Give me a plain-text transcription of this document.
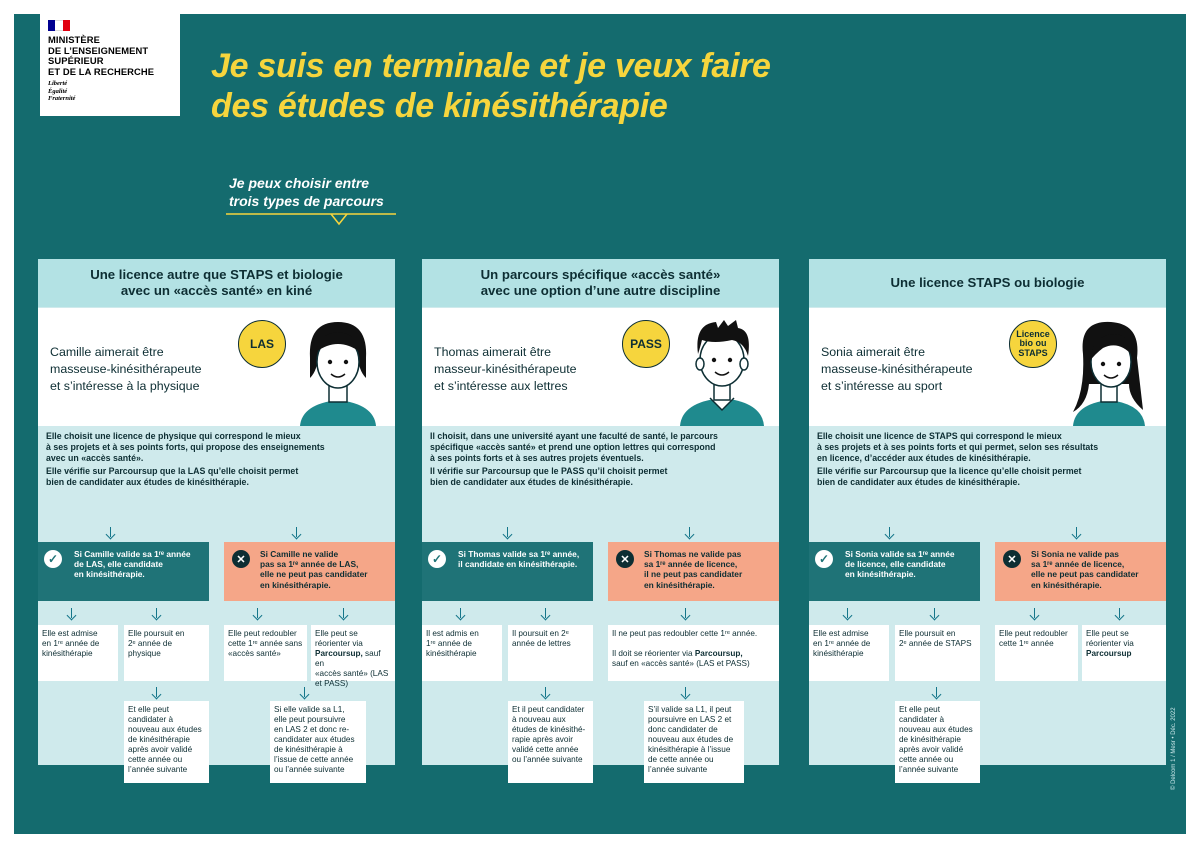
MINISTÈRE
DE L’ENSEIGNEMENT
SUPÉRIEUR
ET DE LA RECHERCHE
Liberté
Égalité
Fraternité
Je suis en terminale et je veux faire
des études de kinésithérapie
Je peux choisir entre
trois types de parcours
Une licence autre que STAPS et biologie
avec un «accès santé» en kiné
Camille aimerait être
masseuse-kinésithérapeute
et s’intéresse à la physique
LAS

Elle choisit une licence de physique qui correspond le mieux
à ses projets et à ses points forts, qui propose des enseignements
avec un «accès santé».

Elle vérifie sur Parcoursup que la LAS qu’elle choisit permet
bien de candidater aux études de kinésithérapie.

✓	Si Camille valide sa 1ʳᵉ année
de LAS, elle candidate
en kinésithérapie.
✕	Si Camille ne valide
pas sa 1ʳᵉ année de LAS,
elle ne peut pas candidater
en kinésithérapie.
Elle est admise
en 1ʳᵉ année de
kinésithérapie
Elle poursuit en
2ᵉ année de physique
Elle peut redoubler
cette 1ʳᵉ année sans
«accès santé»
Elle peut se
réorienter via
Parcoursup, sauf en
«accès santé» (LAS
et PASS)
Et elle peut
candidater à
nouveau aux études
de kinésithérapie
après avoir validé
cette année ou
l’année suivante
Si elle valide sa L1,
elle peut poursuivre
en LAS 2 et donc re-
candidater aux études
de kinésithérapie à
l’issue de cette année
ou l’année suivante
Un parcours spécifique «accès santé»
avec une option d’une autre discipline
Thomas aimerait être
masseur-kinésithérapeute
et s’intéresse aux lettres
PASS

Il choisit, dans une université ayant une faculté de santé, le parcours
spécifique «accès santé» et prend une option lettres qui correspond
à ses points forts et à ses autres projets éventuels.

Il vérifie sur Parcoursup que le PASS qu’il choisit permet
bien de candidater aux études de kinésithérapie.

✓	Si Thomas valide sa 1ʳᵉ année,
il candidate en kinésithérapie.	✕	Si Thomas ne valide pas
sa 1ʳᵉ année de licence,
il ne peut pas candidater
en kinésithérapie.
Il est admis en
1ʳᵉ année de
kinésithérapie
Il poursuit en 2ᵉ
année de lettres
Il ne peut pas redoubler cette 1ʳᵉ année.

Il doit se réorienter via Parcoursup,
sauf en «accès santé» (LAS et PASS)
Et il peut candidater
à nouveau aux
études de kinésithé-
rapie après avoir
validé cette année
ou l’année suivante
S’il valide sa L1, il peut
poursuivre en LAS 2 et
donc candidater de
nouveau aux études de
kinésithérapie à l’issue
de cette année ou
l’année suivante
Une licence STAPS ou biologie
Sonia aimerait être
masseuse-kinésithérapeute
et s’intéresse au sport
Licence
bio ou
STAPS

Elle choisit une licence de STAPS qui correspond le mieux
à ses projets et à ses points forts et qui permet, selon ses résultats
en licence, d’accéder aux études de kinésithérapie.

Elle vérifie sur Parcoursup que la licence qu’elle choisit permet
bien de candidater aux études de kinésithérapie.

✓	Si Sonia valide sa 1ʳᵉ année
de licence, elle candidate
en kinésithérapie.
✕	Si Sonia ne valide pas
sa 1ʳᵉ année de licence,
elle ne peut pas candidater
en kinésithérapie.
Elle est admise
en 1ʳᵉ année de
kinésithérapie
Elle poursuit en
2ᵉ année de STAPS
Elle peut redoubler
cette 1ʳᵉ année
Elle peut se
réorienter via
Parcoursup
Et elle peut
candidater à
nouveau aux études
de kinésithérapie
après avoir validé
cette année ou
l’année suivante	© Delcom 1 / Mesr • Déc. 2022
